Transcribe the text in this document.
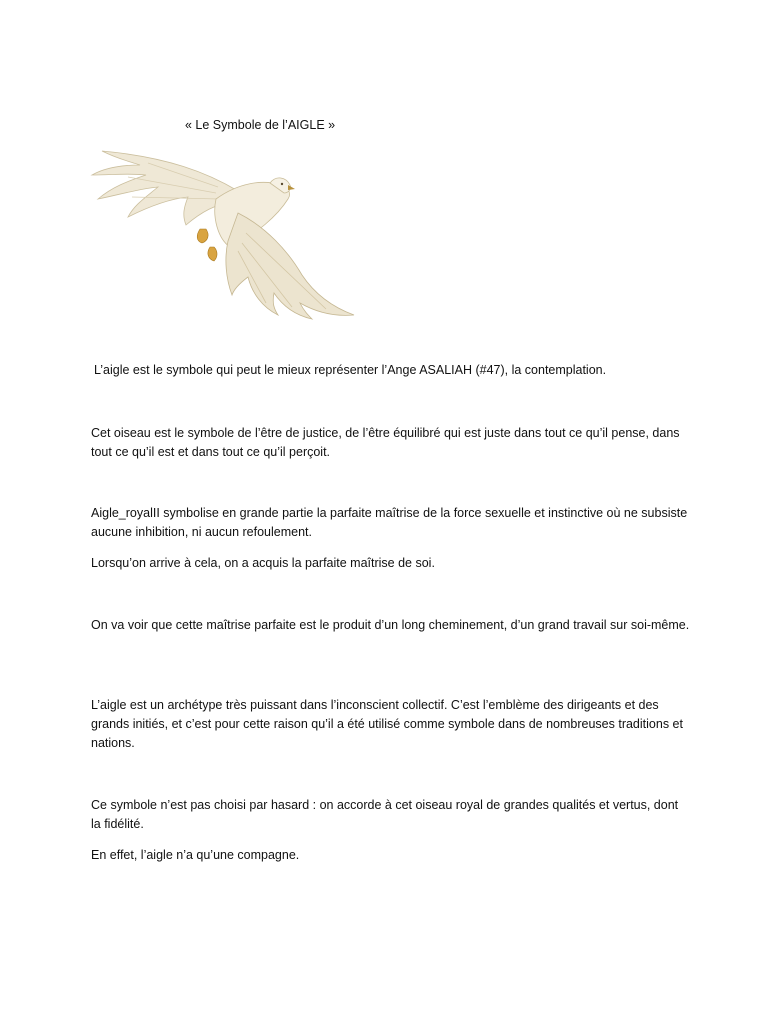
« Le Symbole de l’AIGLE »

L’aigle est le symbole qui peut le mieux représenter l’Ange ASALIAH (#47), la contemplation.

Cet oiseau est le symbole de l’être de justice, de l’être équilibré qui est juste dans tout ce qu’il pense, dans tout ce qu’il est et dans tout ce qu’il perçoit.

Aigle_royalII symbolise en grande partie la parfaite maîtrise de la force sexuelle et instinctive où ne subsiste aucune inhibition, ni aucun refoulement.

Lorsqu’on arrive à cela, on a acquis la parfaite maîtrise de soi.

On va voir que cette maîtrise parfaite est le produit d’un long cheminement, d’un grand travail sur soi-même.

L’aigle est un archétype très puissant dans l’inconscient collectif. C’est l’emblème des dirigeants et des grands initiés, et c’est pour cette raison qu’il a été utilisé comme symbole dans de nombreuses traditions et nations.

Ce symbole n’est pas choisi par hasard : on accorde à cet oiseau royal de grandes qualités et vertus, dont la fidélité.

En effet, l’aigle n’a qu’une compagne.
